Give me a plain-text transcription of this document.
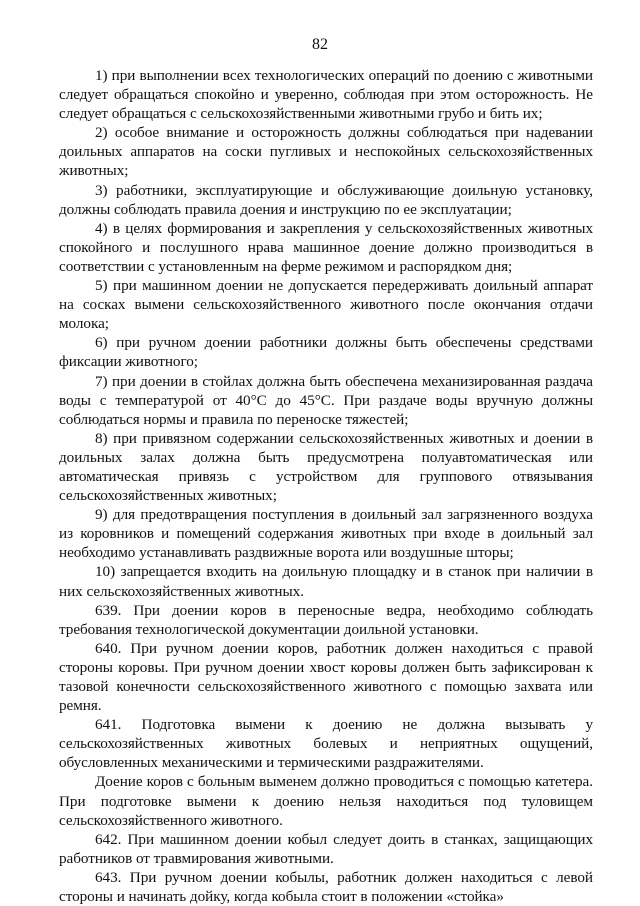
82

1) при выполнении всех технологических операций по доению с животными следует обращаться спокойно и уверенно, соблюдая при этом осторожность. Не следует обращаться с сельскохозяйственными животными грубо и бить их;

2) особое внимание и осторожность должны соблюдаться при надевании доильных аппаратов на соски пугливых и неспокойных сельскохозяйственных животных;

3) работники, эксплуатирующие и обслуживающие доильную установку, должны соблюдать правила доения и инструкцию по ее эксплуатации;

4) в целях формирования и закрепления у сельскохозяйственных животных спокойного и послушного нрава машинное доение должно производиться в соответствии с установленным на ферме режимом и распорядком дня;

5) при машинном доении не допускается передерживать доильный аппарат на сосках вымени сельскохозяйственного животного после окончания отдачи молока;

6) при ручном доении работники должны быть обеспечены средствами фиксации животного;

7) при доении в стойлах должна быть обеспечена механизированная раздача воды с температурой от 40°C до 45°C. При раздаче воды вручную должны соблюдаться нормы и правила по переноске тяжестей;

8) при привязном содержании сельскохозяйственных животных и доении в доильных залах должна быть предусмотрена полуавтоматическая или автоматическая привязь с устройством для группового отвязывания сельскохозяйственных животных;

9) для предотвращения поступления в доильный зал загрязненного воздуха из коровников и помещений содержания животных при входе в доильный зал необходимо устанавливать раздвижные ворота или воздушные шторы;

10) запрещается входить на доильную площадку и в станок при наличии в них сельскохозяйственных животных.

639. При доении коров в переносные ведра, необходимо соблюдать требования технологической документации доильной установки.

640. При ручном доении коров, работник должен находиться с правой стороны коровы. При ручном доении хвост коровы должен быть зафиксирован к тазовой конечности сельскохозяйственного животного с помощью захвата или ремня.

641. Подготовка вымени к доению не должна вызывать у сельскохозяйственных животных болевых и неприятных ощущений, обусловленных механическими и термическими раздражителями.

Доение коров с больным выменем должно проводиться с помощью катетера. При подготовке вымени к доению нельзя находиться под туловищем сельскохозяйственного животного.

642. При машинном доении кобыл следует доить в станках, защищающих работников от травмирования животными.

643. При ручном доении кобылы, работник должен находиться с левой стороны и начинать дойку, когда кобыла стоит в положении «стойка»
